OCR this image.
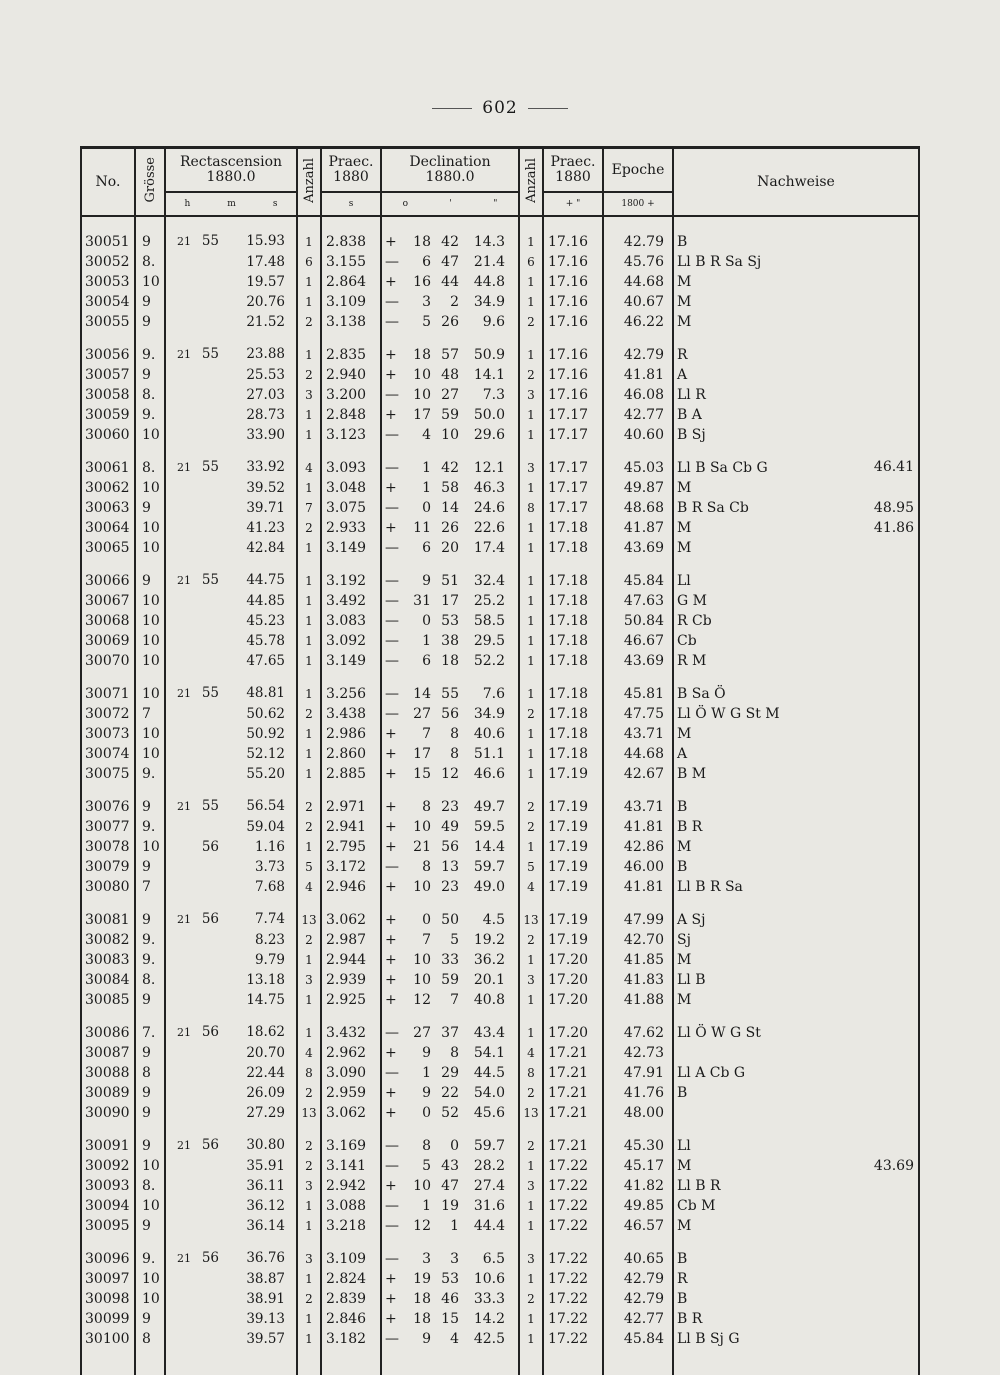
602
No.	Grösse	Rectascension
1880.0	Anzahl	Praec.
1880	Declination
1880.0	Anzahl	Praec.
1880	Epoche	Nachweise

		h m s		s	o ' "		+ "	1800 +	

30051	9	21 55 15.93	1	2.838	+ 18 42 14.3	1	17.16	42.79	B

30052	8.	17.48	6	3.155	— 6 47 21.4	6	17.16	45.76	Ll B R Sa Sj

30053	10	19.57	1	2.864	+ 16 44 44.8	1	17.16	44.68	M

30054	9	20.76	1	3.109	— 3 2 34.9	1	17.16	40.67	M

30055	9	21.52	2	3.138	— 5 26 9.6	2	17.16	46.22	M

30056	9.	21 55 23.88	1	2.835	+ 18 57 50.9	1	17.16	42.79	R

30057	9	25.53	2	2.940	+ 10 48 14.1	2	17.16	41.81	A

30058	8.	27.03	3	3.200	— 10 27 7.3	3	17.16	46.08	Ll R

30059	9.	28.73	1	2.848	+ 17 59 50.0	1	17.17	42.77	B A

30060	10	33.90	1	3.123	— 4 10 29.6	1	17.17	40.60	B Sj

30061	8.	21 55 33.92	4	3.093	— 1 42 12.1	3	17.17	45.03	Ll B Sa Cb G 46.41

30062	10	39.52	1	3.048	+ 1 58 46.3	1	17.17	49.87	M

30063	9	39.71	7	3.075	— 0 14 24.6	8	17.17	48.68	B R Sa Cb 48.95

30064	10	41.23	2	2.933	+ 11 26 22.6	1	17.18	41.87	M 41.86

30065	10	42.84	1	3.149	— 6 20 17.4	1	17.18	43.69	M

30066	9	21 55 44.75	1	3.192	— 9 51 32.4	1	17.18	45.84	Ll

30067	10	44.85	1	3.492	— 31 17 25.2	1	17.18	47.63	G M

30068	10	45.23	1	3.083	— 0 53 58.5	1	17.18	50.84	R Cb

30069	10	45.78	1	3.092	— 1 38 29.5	1	17.18	46.67	Cb

30070	10	47.65	1	3.149	— 6 18 52.2	1	17.18	43.69	R M

30071	10	21 55 48.81	1	3.256	— 14 55 7.6	1	17.18	45.81	B Sa Ö

30072	7	50.62	2	3.438	— 27 56 34.9	2	17.18	47.75	Ll Ö W G St M

30073	10	50.92	1	2.986	+ 7 8 40.6	1	17.18	43.71	M

30074	10	52.12	1	2.860	+ 17 8 51.1	1	17.18	44.68	A

30075	9.	55.20	1	2.885	+ 15 12 46.6	1	17.19	42.67	B M

30076	9	21 55 56.54	2	2.971	+ 8 23 49.7	2	17.19	43.71	B

30077	9.	59.04	2	2.941	+ 10 49 59.5	2	17.19	41.81	B R

30078	10	56 1.16	1	2.795	+ 21 56 14.4	1	17.19	42.86	M

30079	9	3.73	5	3.172	— 8 13 59.7	5	17.19	46.00	B

30080	7	7.68	4	2.946	+ 10 23 49.0	4	17.19	41.81	Ll B R Sa

30081	9	21 56 7.74	13	3.062	+ 0 50 4.5	13	17.19	47.99	A Sj

30082	9.	8.23	2	2.987	+ 7 5 19.2	2	17.19	42.70	Sj

30083	9.	9.79	1	2.944	+ 10 33 36.2	1	17.20	41.85	M

30084	8.	13.18	3	2.939	+ 10 59 20.1	3	17.20	41.83	Ll B

30085	9	14.75	1	2.925	+ 12 7 40.8	1	17.20	41.88	M

30086	7.	21 56 18.62	1	3.432	— 27 37 43.4	1	17.20	47.62	Ll Ö W G St

30087	9	20.70	4	2.962	+ 9 8 54.1	4	17.21	42.73	

30088	8	22.44	8	3.090	— 1 29 44.5	8	17.21	47.91	Ll A Cb G

30089	9	26.09	2	2.959	+ 9 22 54.0	2	17.21	41.76	B

30090	9	27.29	13	3.062	+ 0 52 45.6	13	17.21	48.00	

30091	9	21 56 30.80	2	3.169	— 8 0 59.7	2	17.21	45.30	Ll

30092	10	35.91	2	3.141	— 5 43 28.2	1	17.22	45.17	M 43.69

30093	8.	36.11	3	2.942	+ 10 47 27.4	3	17.22	41.82	Ll B R

30094	10	36.12	1	3.088	— 1 19 31.6	1	17.22	49.85	Cb M

30095	9	36.14	1	3.218	— 12 1 44.4	1	17.22	46.57	M

30096	9.	21 56 36.76	3	3.109	— 3 3 6.5	3	17.22	40.65	B

30097	10	38.87	1	2.824	+ 19 53 10.6	1	17.22	42.79	R

30098	10	38.91	2	2.839	+ 18 46 33.3	2	17.22	42.79	B

30099	9	39.13	1	2.846	+ 18 15 14.2	1	17.22	42.77	B R

30100	8	39.57	1	3.182	— 9 4 42.5	1	17.22	45.84	Ll B Sj G
